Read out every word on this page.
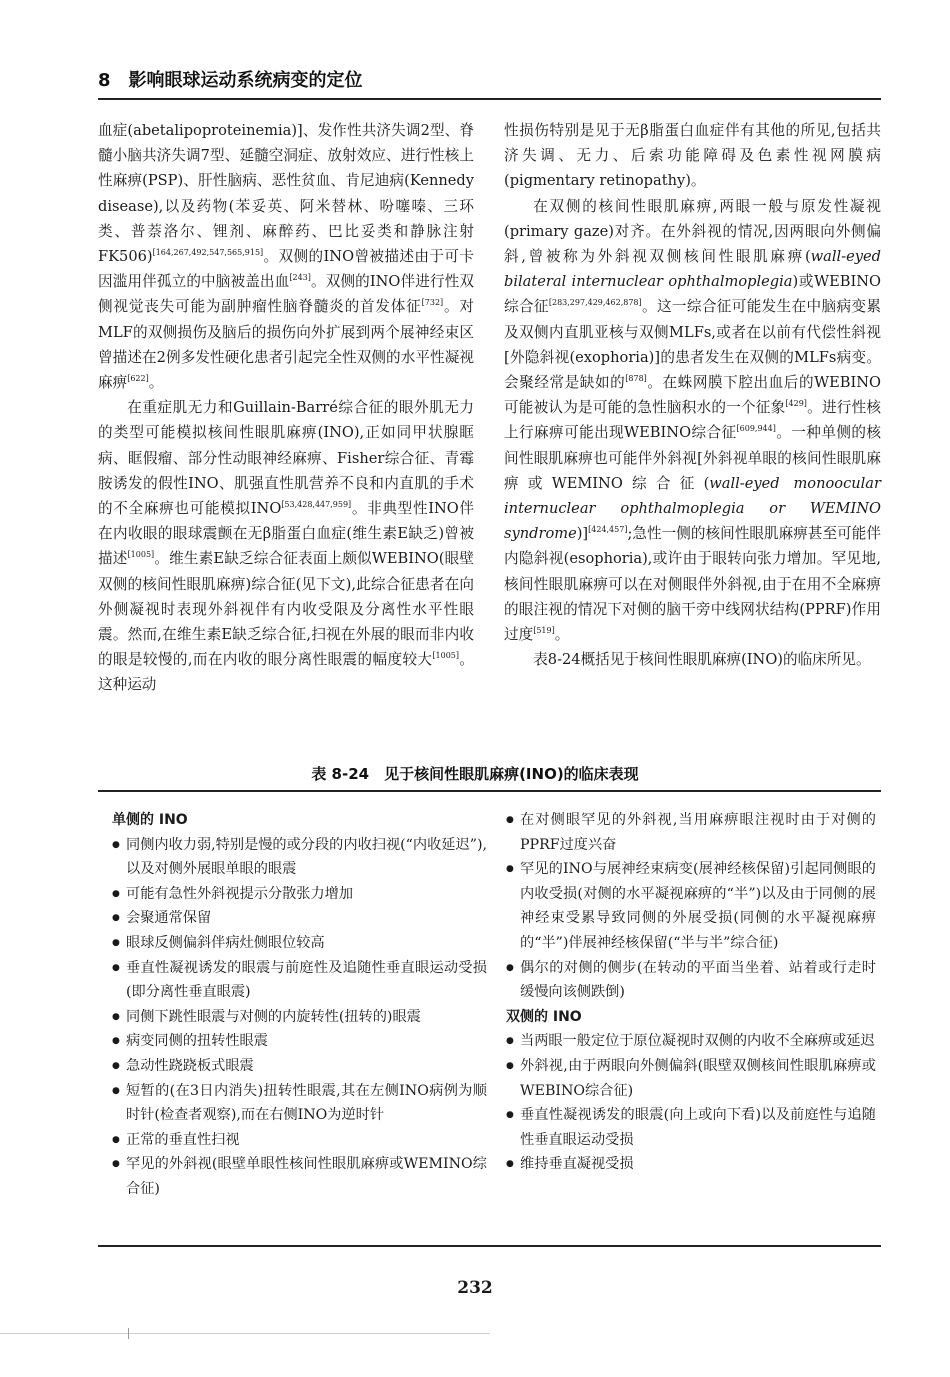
8　影响眼球运动系统病变的定位

血症(abetalipoproteinemia)]、发作性共济失调2型、脊髓小脑共济失调7型、延髓空洞症、放射效应、进行性核上性麻痹(PSP)、肝性脑病、恶性贫血、肯尼迪病(Kennedy disease),以及药物(苯妥英、阿米替林、吩噻嗪、三环类、普萘洛尔、锂剂、麻醉药、巴比妥类和静脉注射FK506)[164,267,492,547,565,915]。双侧的INO曾被描述由于可卡因滥用伴孤立的中脑被盖出血[243]。双侧的INO伴进行性双侧视觉丧失可能为副肿瘤性脑脊髓炎的首发体征[732]。对MLF的双侧损伤及脑后的损伤向外扩展到两个展神经束区曾描述在2例多发性硬化患者引起完全性双侧的水平性凝视麻痹[622]。

在重症肌无力和Guillain-Barré综合征的眼外肌无力的类型可能模拟核间性眼肌麻痹(INO),正如同甲状腺眶病、眶假瘤、部分性动眼神经麻痹、Fisher综合征、青霉胺诱发的假性INO、肌强直性肌营养不良和内直肌的手术的不全麻痹也可能模拟INO[53,428,447,959]。非典型性INO伴在内收眼的眼球震颤在无β脂蛋白血症(维生素E缺乏)曾被描述[1005]。维生素E缺乏综合征表面上颇似WEBINO(眼壁双侧的核间性眼肌麻痹)综合征(见下文),此综合征患者在向外侧凝视时表现外斜视伴有内收受限及分离性水平性眼震。然而,在维生素E缺乏综合征,扫视在外展的眼而非内收的眼是较慢的,而在内收的眼分离性眼震的幅度较大[1005]。这种运动

性损伤特别是见于无β脂蛋白血症伴有其他的所见,包括共济失调、无力、后索功能障碍及色素性视网膜病(pigmentary retinopathy)。

在双侧的核间性眼肌麻痹,两眼一般与原发性凝视(primary gaze)对齐。在外斜视的情况,因两眼向外侧偏斜,曾被称为外斜视双侧核间性眼肌麻痹(wall-eyed bilateral internuclear ophthalmoplegia)或WEBINO综合征[283,297,429,462,878]。这一综合征可能发生在中脑病变累及双侧内直肌亚核与双侧MLFs,或者在以前有代偿性斜视[外隐斜视(exophoria)]的患者发生在双侧的MLFs病变。会聚经常是缺如的[878]。在蛛网膜下腔出血后的WEBINO可能被认为是可能的急性脑积水的一个征象[429]。进行性核上行麻痹可能出现WEBINO综合征[609,944]。一种单侧的核间性眼肌麻痹也可能伴外斜视[外斜视单眼的核间性眼肌麻痹或WEMINO综合征(wall-eyed monoocular internuclear ophthalmoplegia or WEMINO syndrome)][424,457];急性一侧的核间性眼肌麻痹甚至可能伴内隐斜视(esophoria),或许由于眼转向张力增加。罕见地,核间性眼肌麻痹可以在对侧眼伴外斜视,由于在用不全麻痹的眼注视的情况下对侧的脑干旁中线网状结构(PPRF)作用过度[519]。

表8-24概括见于核间性眼肌麻痹(INO)的临床所见。

表 8-24　见于核间性眼肌麻痹(INO)的临床表现
单侧的 INO
● 同侧内收力弱,特别是慢的或分段的内收扫视(“内收延迟”),以及对侧外展眼单眼的眼震
● 可能有急性外斜视提示分散张力增加
● 会聚通常保留
● 眼球反侧偏斜伴病灶侧眼位较高
● 垂直性凝视诱发的眼震与前庭性及追随性垂直眼运动受损(即分离性垂直眼震)
● 同侧下跳性眼震与对侧的内旋转性(扭转的)眼震
● 病变同侧的扭转性眼震
● 急动性跷跷板式眼震
● 短暂的(在3日内消失)扭转性眼震,其在左侧INO病例为顺时针(检查者观察),而在右侧INO为逆时针
● 正常的垂直性扫视
● 罕见的外斜视(眼壁单眼性核间性眼肌麻痹或WEMINO综合征)
● 在对侧眼罕见的外斜视,当用麻痹眼注视时由于对侧的PPRF过度兴奋
● 罕见的INO与展神经束病变(展神经核保留)引起同侧眼的内收受损(对侧的水平凝视麻痹的“半”)以及由于同侧的展神经束受累导致同侧的外展受损(同侧的水平凝视麻痹的“半”)伴展神经核保留(“半与半”综合征)
● 偶尔的对侧的侧步(在转动的平面当坐着、站着或行走时缓慢向该侧跌倒)
双侧的 INO
● 当两眼一般定位于原位凝视时双侧的内收不全麻痹或延迟
● 外斜视,由于两眼向外侧偏斜(眼壁双侧核间性眼肌麻痹或WEBINO综合征)
● 垂直性凝视诱发的眼震(向上或向下看)以及前庭性与追随性垂直眼运动受损
● 维持垂直凝视受损
232
